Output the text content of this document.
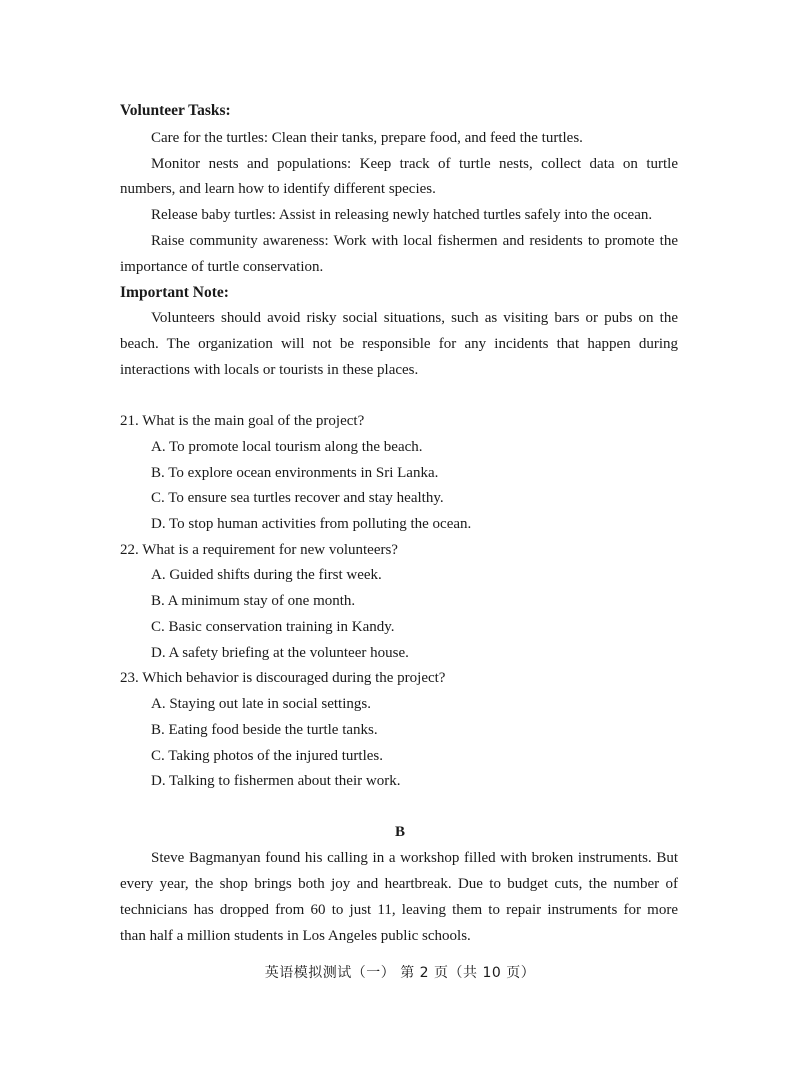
Volunteer Tasks:
Care for the turtles: Clean their tanks, prepare food, and feed the turtles.
Monitor nests and populations: Keep track of turtle nests, collect data on turtle
numbers, and learn how to identify different species.
Release baby turtles: Assist in releasing newly hatched turtles safely into the ocean.
Raise community awareness: Work with local fishermen and residents to promote the
importance of turtle conservation.
Important Note:
Volunteers should avoid risky social situations, such as visiting bars or pubs on the
beach. The organization will not be responsible for any incidents that happen during
interactions with locals or tourists in these places.
21. What is the main goal of the project?
A. To promote local tourism along the beach.
B. To explore ocean environments in Sri Lanka.
C. To ensure sea turtles recover and stay healthy.
D. To stop human activities from polluting the ocean.
22. What is a requirement for new volunteers?
A. Guided shifts during the first week.
B. A minimum stay of one month.
C. Basic conservation training in Kandy.
D. A safety briefing at the volunteer house.
23. Which behavior is discouraged during the project?
A. Staying out late in social settings.
B. Eating food beside the turtle tanks.
C. Taking photos of the injured turtles.
D. Talking to fishermen about their work.
B
Steve Bagmanyan found his calling in a workshop filled with broken instruments. But
every year, the shop brings both joy and heartbreak. Due to budget cuts, the number of
technicians has dropped from 60 to just 11, leaving them to repair instruments for more
than half a million students in Los Angeles public schools.
英语模拟测试（一） 第 2 页（共 10 页）
